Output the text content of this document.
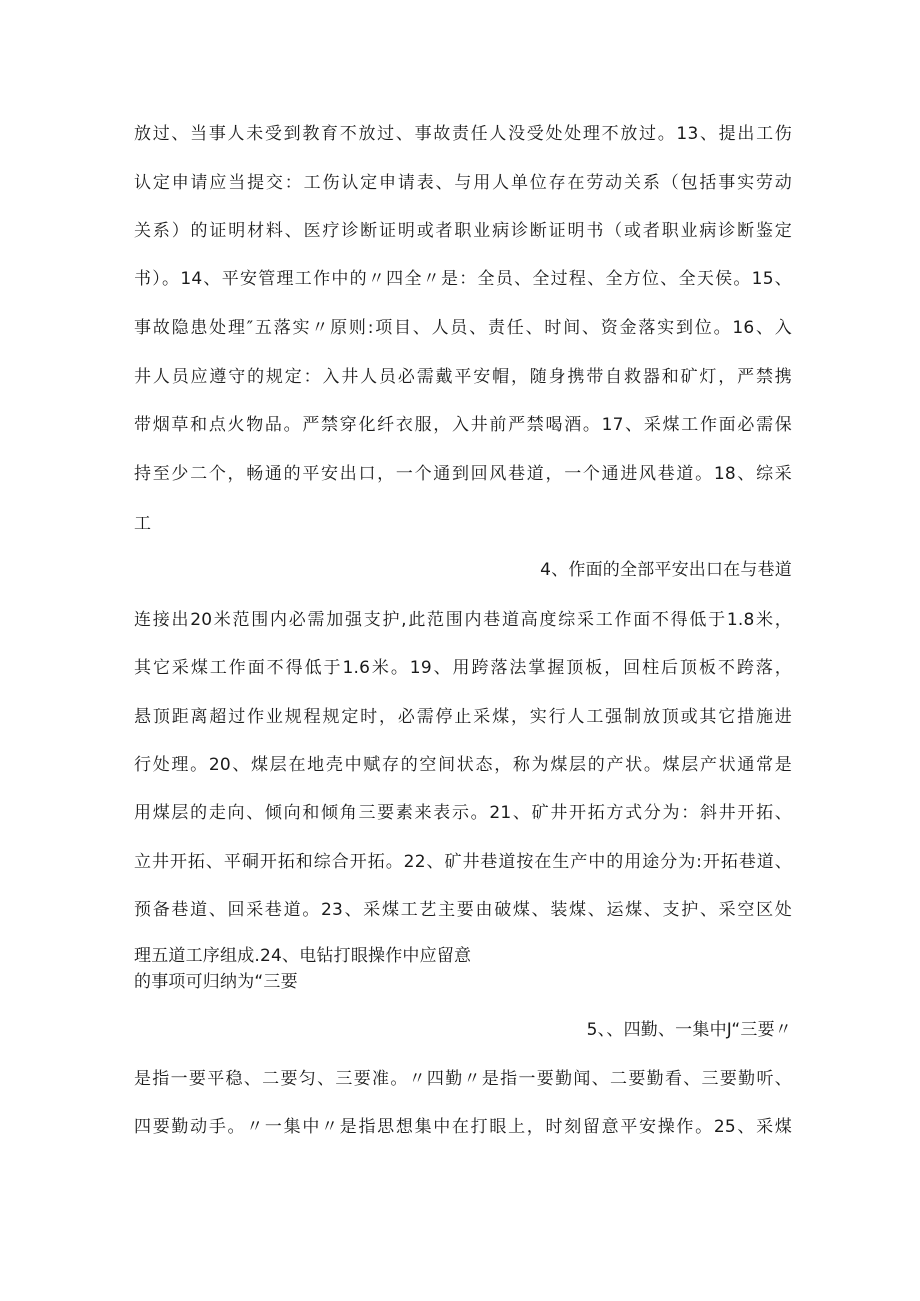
放过、当事人未受到教育不放过、事故责任人没受处处理不放过。13、提出工伤
认定申请应当提交：工伤认定申请表、与用人单位存在劳动关系（包括事实劳动
关系）的证明材料、医疗诊断证明或者职业病诊断证明书（或者职业病诊断鉴定
书）。14、平安管理工作中的〃四全〃是：全员、全过程、全方位、全天侯。15、
事故隐患处理″五落实〃原则:项目、人员、责任、时间、资金落实到位。16、入
井人员应遵守的规定：入井人员必需戴平安帽，随身携带自救器和矿灯，严禁携
带烟草和点火物品。严禁穿化纤衣服，入井前严禁喝酒。17、采煤工作面必需保
持至少二个，畅通的平安出口，一个通到回风巷道，一个通进风巷道。18、综采
工
4、作面的全部平安出口在与巷道
连接出20米范围内必需加强支护,此范围内巷道高度综采工作面不得低于1.8米，
其它采煤工作面不得低于1.6米。19、用跨落法掌握顶板，回柱后顶板不跨落，
悬顶距离超过作业规程规定时，必需停止采煤，实行人工强制放顶或其它措施进
行处理。20、煤层在地壳中赋存的空间状态，称为煤层的产状。煤层产状通常是
用煤层的走向、倾向和倾角三要素来表示。21、矿井开拓方式分为：斜井开拓、
立井开拓、平硐开拓和综合开拓。22、矿井巷道按在生产中的用途分为:开拓巷道、
预备巷道、回采巷道。23、采煤工艺主要由破煤、装煤、运煤、支护、采空区处
理五道工序组成.24、电钻打眼操作中应留意
的事项可归纳为“三要
5、、四勤、一集中J“三要〃
是指一要平稳、二要匀、三要准。〃四勤〃是指一要勤闻、二要勤看、三要勤听、
四要勤动手。〃一集中〃是指思想集中在打眼上，时刻留意平安操作。25、采煤
